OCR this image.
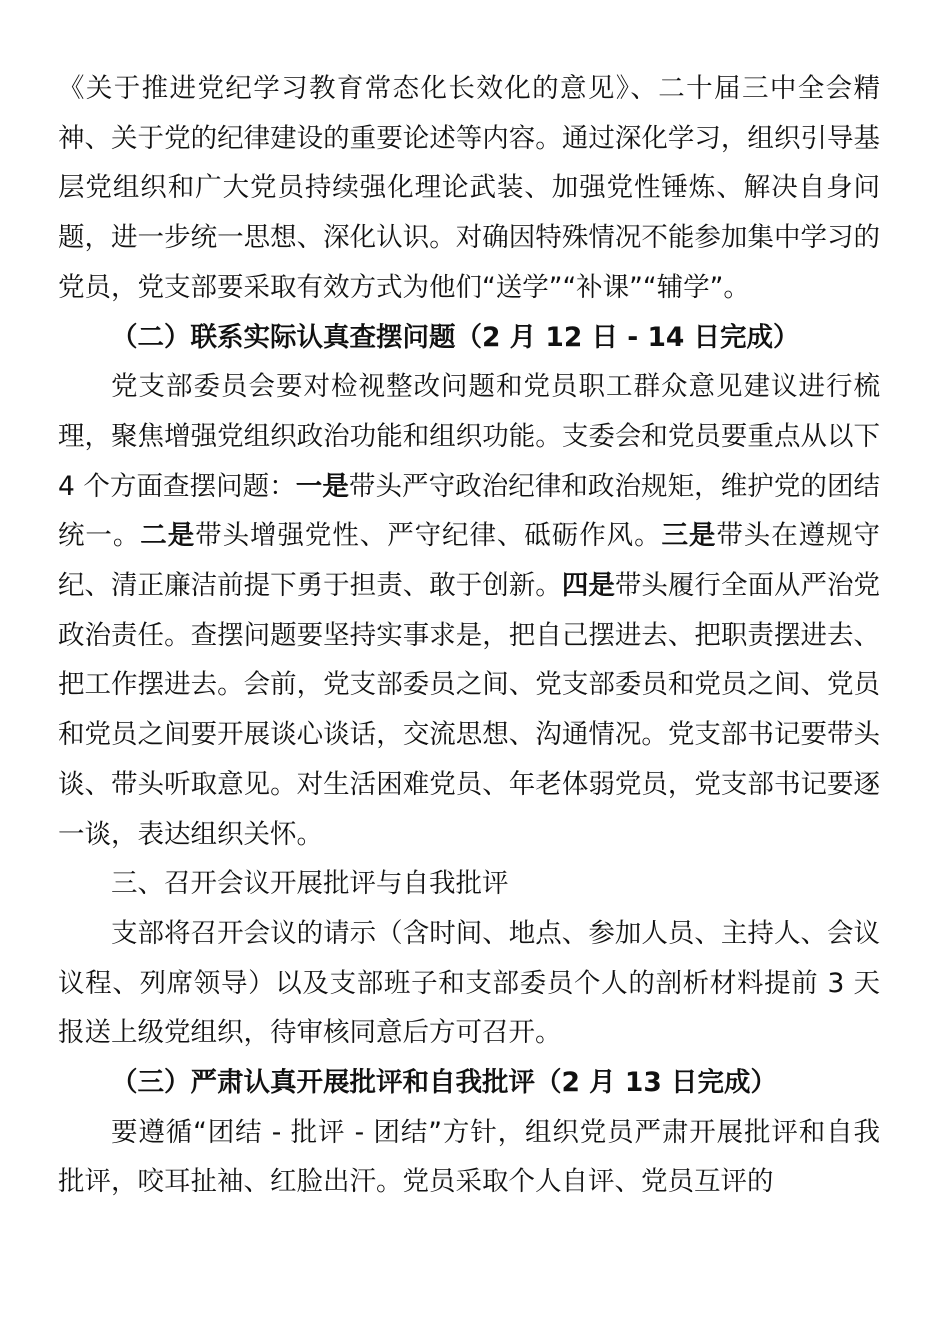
《关于推进党纪学习教育常态化长效化的意见》、二十届三中全会精神、关于党的纪律建设的重要论述等内容。通过深化学习，组织引导基层党组织和广大党员持续强化理论武装、加强党性锤炼、解决自身问题，进一步统一思想、深化认识。对确因特殊情况不能参加集中学习的党员，党支部要采取有效方式为他们“送学”“补课”“辅学”。

（二）联系实际认真查摆问题（2 月 12 日 - 14 日完成）

党支部委员会要对检视整改问题和党员职工群众意见建议进行梳理，聚焦增强党组织政治功能和组织功能。支委会和党员要重点从以下 4 个方面查摆问题：一是带头严守政治纪律和政治规矩，维护党的团结统一。二是带头增强党性、严守纪律、砥砺作风。三是带头在遵规守纪、清正廉洁前提下勇于担责、敢于创新。四是带头履行全面从严治党政治责任。查摆问题要坚持实事求是，把自己摆进去、把职责摆进去、把工作摆进去。会前，党支部委员之间、党支部委员和党员之间、党员和党员之间要开展谈心谈话，交流思想、沟通情况。党支部书记要带头谈、带头听取意见。对生活困难党员、年老体弱党员，党支部书记要逐一谈，表达组织关怀。

三、召开会议开展批评与自我批评

支部将召开会议的请示（含时间、地点、参加人员、主持人、会议议程、列席领导）以及支部班子和支部委员个人的剖析材料提前 3 天报送上级党组织，待审核同意后方可召开。

（三）严肃认真开展批评和自我批评（2 月 13 日完成）

要遵循“团结 - 批评 - 团结”方针，组织党员严肃开展批评和自我批评，咬耳扯袖、红脸出汗。党员采取个人自评、党员互评的
